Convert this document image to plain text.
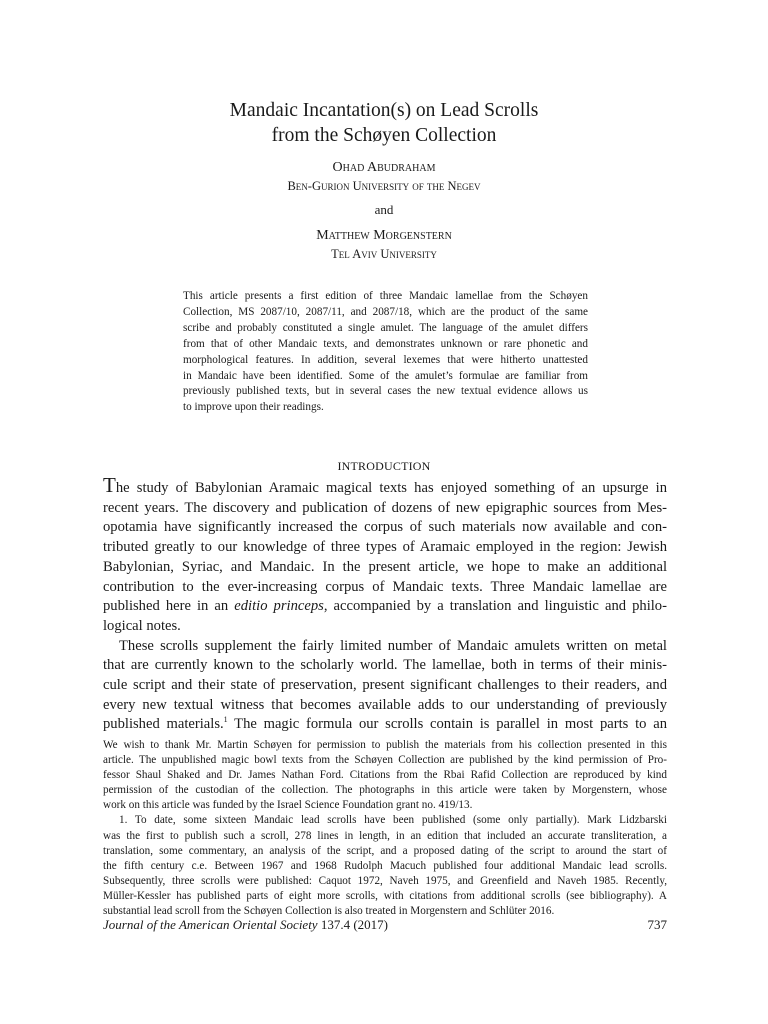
Mandaic Incantation(s) on Lead Scrolls
from the Schøyen Collection
Ohad Abudraham
Ben-Gurion University of the Negev
and
Matthew Morgenstern
Tel Aviv University
This article presents a first edition of three Mandaic lamellae from the Schøyen
Collection, MS 2087/10, 2087/11, and 2087/18, which are the product of the same
scribe and probably constituted a single amulet. The language of the amulet differs
from that of other Mandaic texts, and demonstrates unknown or rare phonetic and
morphological features. In addition, several lexemes that were hitherto unattested
in Mandaic have been identified. Some of the amulet’s formulae are familiar from
previously published texts, but in several cases the new textual evidence allows us
to improve upon their readings.
INTRODUCTION
The study of Babylonian Aramaic magical texts has enjoyed something of an upsurge in
recent years. The discovery and publication of dozens of new epigraphic sources from Mes-
opotamia have significantly increased the corpus of such materials now available and con-
tributed greatly to our knowledge of three types of Aramaic employed in the region: Jewish
Babylonian, Syriac, and Mandaic. In the present article, we hope to make an additional
contribution to the ever-increasing corpus of Mandaic texts. Three Mandaic lamellae are
published here in an editio princeps, accompanied by a translation and linguistic and philo-
logical notes.
These scrolls supplement the fairly limited number of Mandaic amulets written on metal
that are currently known to the scholarly world. The lamellae, both in terms of their minis-
cule script and their state of preservation, present significant challenges to their readers, and
every new textual witness that becomes available adds to our understanding of previously
published materials.$^1$ The magic formula our scrolls contain is parallel in most parts to an
We wish to thank Mr. Martin Schøyen for permission to publish the materials from his collection presented in this
article. The unpublished magic bowl texts from the Schøyen Collection are published by the kind permission of Pro-
fessor Shaul Shaked and Dr. James Nathan Ford. Citations from the Rbai Rafid Collection are reproduced by kind
permission of the custodian of the collection. The photographs in this article were taken by Morgenstern, whose
work on this article was funded by the Israel Science Foundation grant no. 419/13.
1. To date, some sixteen Mandaic lead scrolls have been published (some only partially). Mark Lidzbarski
was the first to publish such a scroll, 278 lines in length, in an edition that included an accurate transliteration, a
translation, some commentary, an analysis of the script, and a proposed dating of the script to around the start of
the fifth century c.e. Between 1967 and 1968 Rudolph Macuch published four additional Mandaic lead scrolls.
Subsequently, three scrolls were published: Caquot 1972, Naveh 1975, and Greenfield and Naveh 1985. Recently,
Müller-Kessler has published parts of eight more scrolls, with citations from additional scrolls (see bibliography). A
substantial lead scroll from the Schøyen Collection is also treated in Morgenstern and Schlüter 2016.
Journal of the American Oriental Society 137.4 (2017)	737
